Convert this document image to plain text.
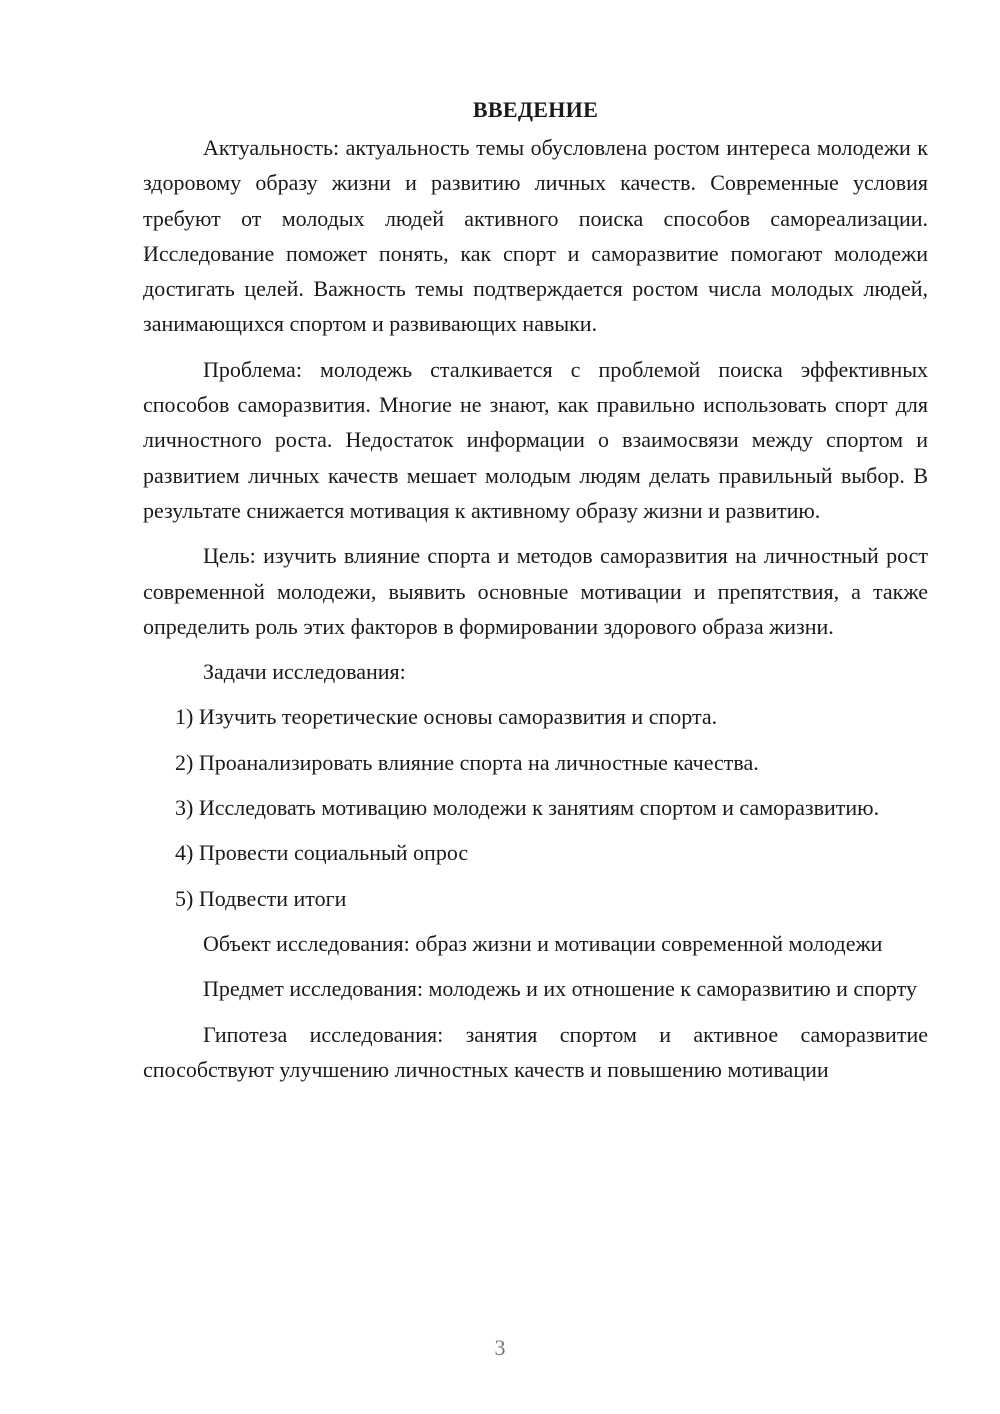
ВВЕДЕНИЕ

Актуальность: актуальность темы обусловлена ростом интереса молодежи к здоровому образу жизни и развитию личных качеств. Современные условия требуют от молодых людей активного поиска способов самореализации. Исследование поможет понять, как спорт и саморазвитие помогают молодежи достигать целей. Важность темы подтверждается ростом числа молодых людей, занимающихся спортом и развивающих навыки.

Проблема: молодежь сталкивается с проблемой поиска эффективных способов саморазвития. Многие не знают, как правильно использовать спорт для личностного роста. Недостаток информации о взаимосвязи между спортом и развитием личных качеств мешает молодым людям делать правильный выбор. В результате снижается мотивация к активному образу жизни и развитию.

Цель: изучить влияние спорта и методов саморазвития на личностный рост современной молодежи, выявить основные мотивации и препятствия, а также определить роль этих факторов в формировании здорового образа жизни.

Задачи исследования:

1) Изучить теоретические основы саморазвития и спорта.

2) Проанализировать влияние спорта на личностные качества.

3) Исследовать мотивацию молодежи к занятиям спортом и саморазвитию.

4) Провести социальный опрос

5) Подвести итоги

Объект исследования: образ жизни и мотивации современной молодежи

Предмет исследования: молодежь и их отношение к саморазвитию и спорту

Гипотеза исследования: занятия спортом и активное саморазвитие способствуют улучшению личностных качеств и повышению мотивации

3
